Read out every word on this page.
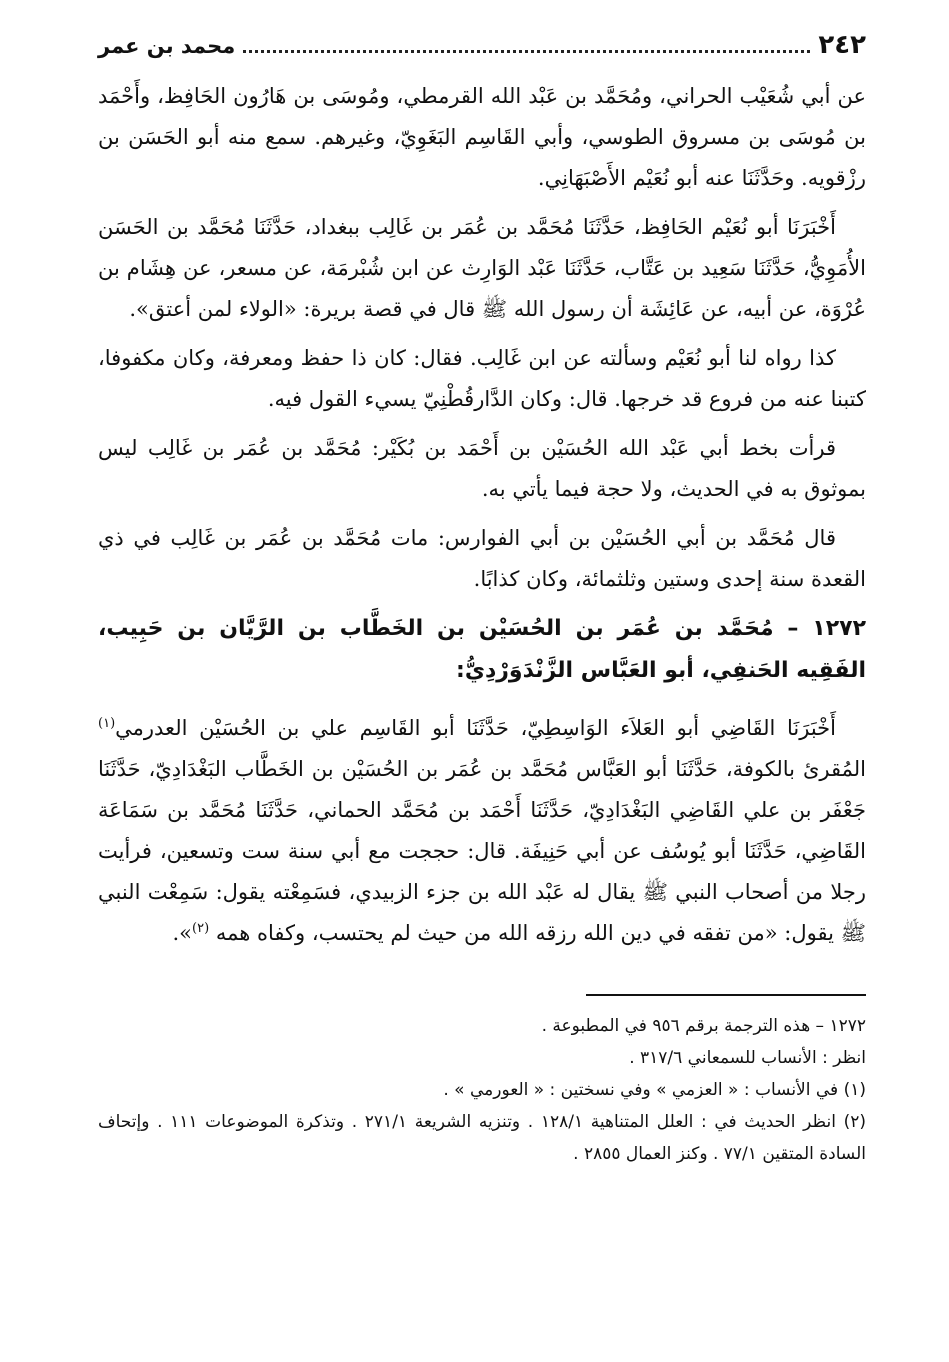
٢٤٢
محمد بن عمر

عن أبي شُعَيْب الحراني، ومُحَمَّد بن عَبْد الله القرمطي، ومُوسَى بن هَارُون الحَافِظ، وأَحْمَد بن مُوسَى بن مسروق الطوسي، وأبي القَاسِم البَغَوِيّ، وغيرهم. سمع منه أبو الحَسَن بن رزْقويه. وحَدَّثَنَا عنه أبو نُعَيْم الأَصْبَهَانِي.

أَخْبَرَنَا أبو نُعَيْم الحَافِظ، حَدَّثَنَا مُحَمَّد بن عُمَر بن غَالِب ببغداد، حَدَّثَنَا مُحَمَّد بن الحَسَن الأُمَوِيُّ، حَدَّثَنَا سَعِيد بن عَتَّاب، حَدَّثَنَا عَبْد الوَارِث عن ابن شُبْرمَة، عن مسعر، عن هِشَام بن عُرْوَة، عن أبيه، عن عَائِشَة أن رسول الله ﷺ قال في قصة بريرة: «الولاء لمن أعتق».

كذا رواه لنا أبو نُعَيْم وسألته عن ابن غَالِب. فقال: كان ذا حفظ ومعرفة، وكان مكفوفا، كتبنا عنه من فروع قد خرجها. قال: وكان الدَّارقُطْنِيّ يسيء القول فيه.

قرأت بخط أبي عَبْد الله الحُسَيْن بن أَحْمَد بن بُكَيْر: مُحَمَّد بن عُمَر بن غَالِب ليس بموثوق به في الحديث، ولا حجة فيما يأتي به.

قال مُحَمَّد بن أبي الحُسَيْن بن أبي الفوارس: مات مُحَمَّد بن عُمَر بن غَالِب في ذي القعدة سنة إحدى وستين وثلثمائة، وكان كذابًا.

١٢٧٢ – مُحَمَّد بن عُمَر بن الحُسَيْن بن الخَطَّاب بن الرَّيَّان بن حَبِيب، الفَقِيه الحَنفِي، أبو العَبَّاس الزَّنْدَوَرْدِيُّ:

أَخْبَرَنَا القَاضِي أبو العَلاَء الوَاسِطِيّ، حَدَّثَنَا أبو القَاسِم علي بن الحُسَيْن العدرمي$^{(١)}$ المُقرئ بالكوفة، حَدَّثَنَا أبو العَبَّاس مُحَمَّد بن عُمَر بن الحُسَيْن بن الخَطَّاب البَغْدَادِيّ، حَدَّثَنَا جَعْفَر بن علي القَاضِي البَغْدَادِيّ، حَدَّثَنَا أَحْمَد بن مُحَمَّد الحماني، حَدَّثَنَا مُحَمَّد بن سَمَاعَة القَاضِي، حَدَّثَنَا أبو يُوسُف عن أبي حَنِيفَة. قال: حججت مع أبي سنة ست وتسعين، فرأيت رجلا من أصحاب النبي ﷺ يقال له عَبْد الله بن جزء الزبيدي، فسَمِعْته يقول: سَمِعْت النبي ﷺ يقول: «من تفقه في دين الله رزقه الله من حيث لم يحتسب، وكفاه همه $^{(٢)}$».

١٢٧٢ – هذه الترجمة برقم ٩٥٦ في المطبوعة .

انظر : الأنساب للسمعاني ٣١٧/٦ .

(١) في الأنساب : « العزمي » وفي نسختين : « العورمي » .

(٢) انظر الحديث في : العلل المتناهية ١٢٨/١ . وتنزيه الشريعة ٢٧١/١ . وتذكرة الموضوعات ١١١ . وإتحاف السادة المتقين ٧٧/١ . وكنز العمال ٢٨٥٥ .
